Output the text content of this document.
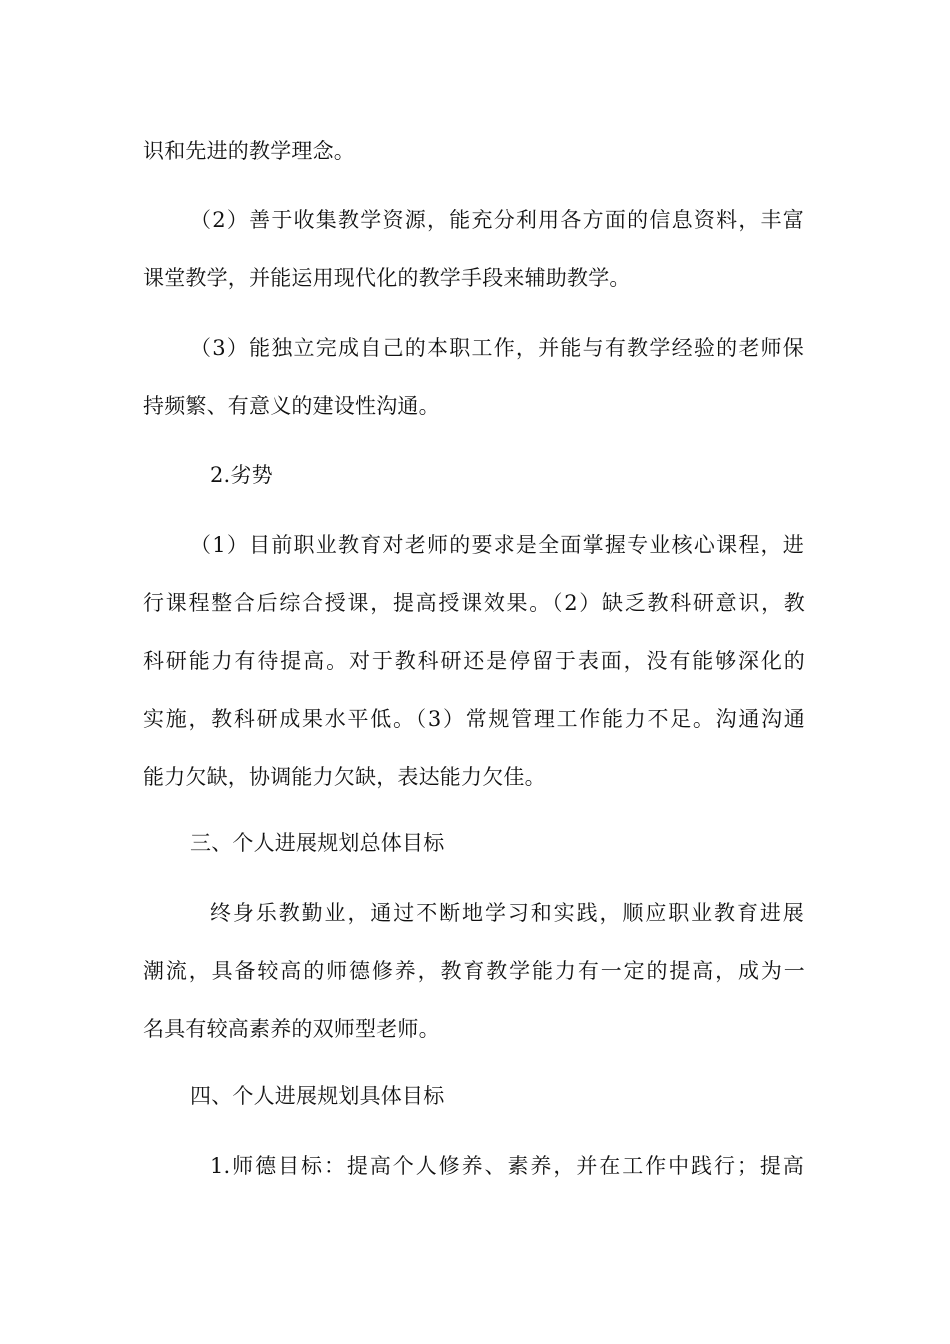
识和先进的教学理念。

（2）善于收集教学资源，能充分利用各方面的信息资料，丰富

课堂教学，并能运用现代化的教学手段来辅助教学。

（3）能独立完成自己的本职工作，并能与有教学经验的老师保

持频繁、有意义的建设性沟通。

2.劣势

（1）目前职业教育对老师的要求是全面掌握专业核心课程，进

行课程整合后综合授课，提高授课效果。（2）缺乏教科研意识，教

科研能力有待提高。对于教科研还是停留于表面，没有能够深化的

实施，教科研成果水平低。（3）常规管理工作能力不足。沟通沟通

能力欠缺，协调能力欠缺，表达能力欠佳。

三、个人进展规划总体目标

终身乐教勤业，通过不断地学习和实践，顺应职业教育进展

潮流，具备较高的师德修养，教育教学能力有一定的提高，成为一

名具有较高素养的双师型老师。

四、个人进展规划具体目标

1.师德目标：提高个人修养、素养，并在工作中践行；提高
